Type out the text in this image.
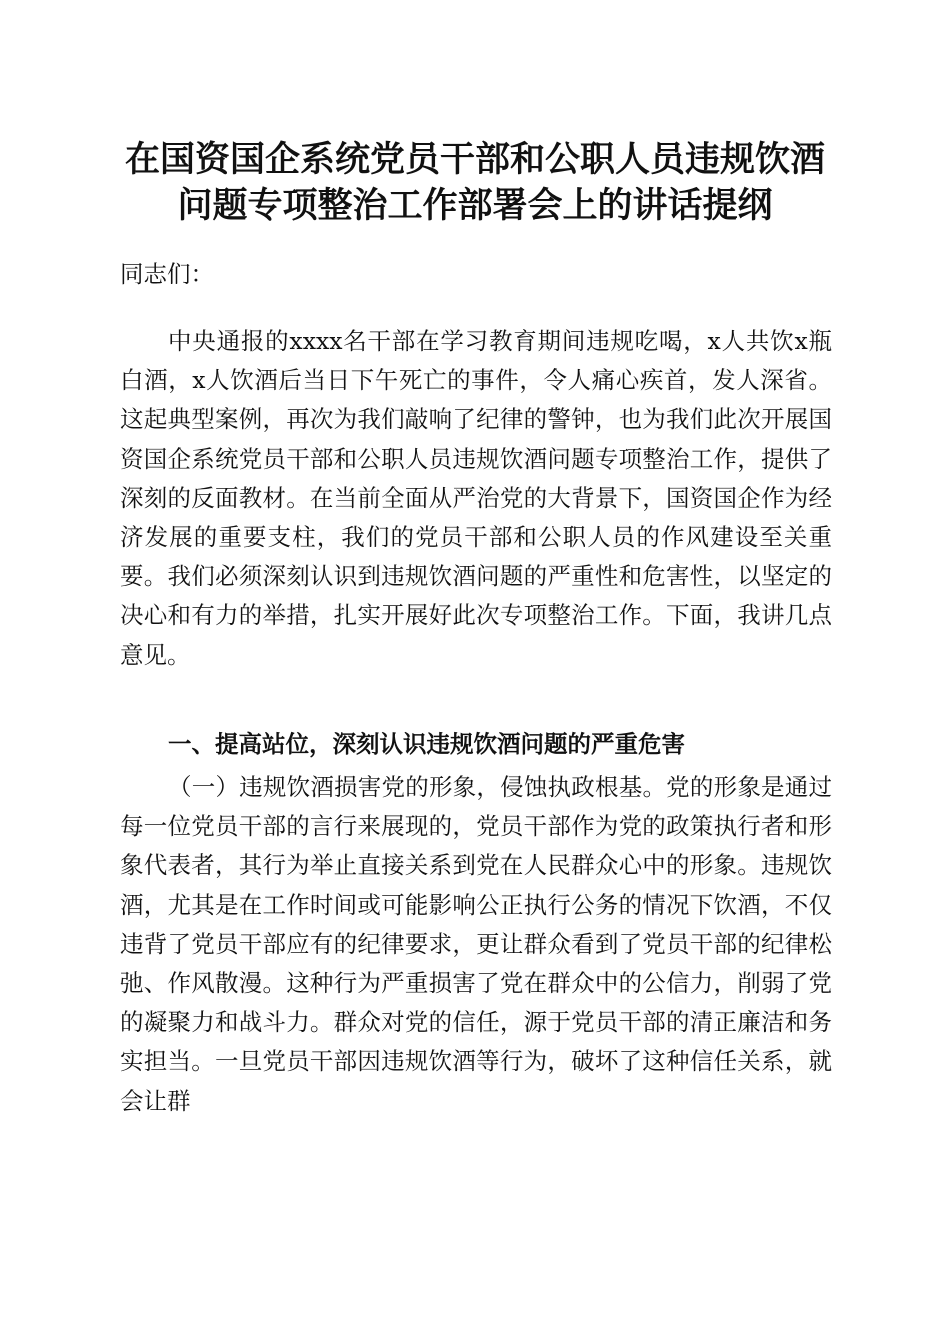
在国资国企系统党员干部和公职人员违规饮酒
问题专项整治工作部署会上的讲话提纲
同志们：

中央通报的xxxx名干部在学习教育期间违规吃喝，x人共饮x瓶白酒，x人饮酒后当日下午死亡的事件，令人痛心疾首，发人深省。这起典型案例，再次为我们敲响了纪律的警钟，也为我们此次开展国资国企系统党员干部和公职人员违规饮酒问题专项整治工作，提供了深刻的反面教材。在当前全面从严治党的大背景下，国资国企作为经济发展的重要支柱，我们的党员干部和公职人员的作风建设至关重要。我们必须深刻认识到违规饮酒问题的严重性和危害性，以坚定的决心和有力的举措，扎实开展好此次专项整治工作。下面，我讲几点意见。

一、提高站位，深刻认识违规饮酒问题的严重危害

（一）违规饮酒损害党的形象，侵蚀执政根基。党的形象是通过每一位党员干部的言行来展现的，党员干部作为党的政策执行者和形象代表者，其行为举止直接关系到党在人民群众心中的形象。违规饮酒，尤其是在工作时间或可能影响公正执行公务的情况下饮酒，不仅违背了党员干部应有的纪律要求，更让群众看到了党员干部的纪律松弛、作风散漫。这种行为严重损害了党在群众中的公信力，削弱了党的凝聚力和战斗力。群众对党的信任，源于党员干部的清正廉洁和务实担当。一旦党员干部因违规饮酒等行为，破坏了这种信任关系，就会让群
